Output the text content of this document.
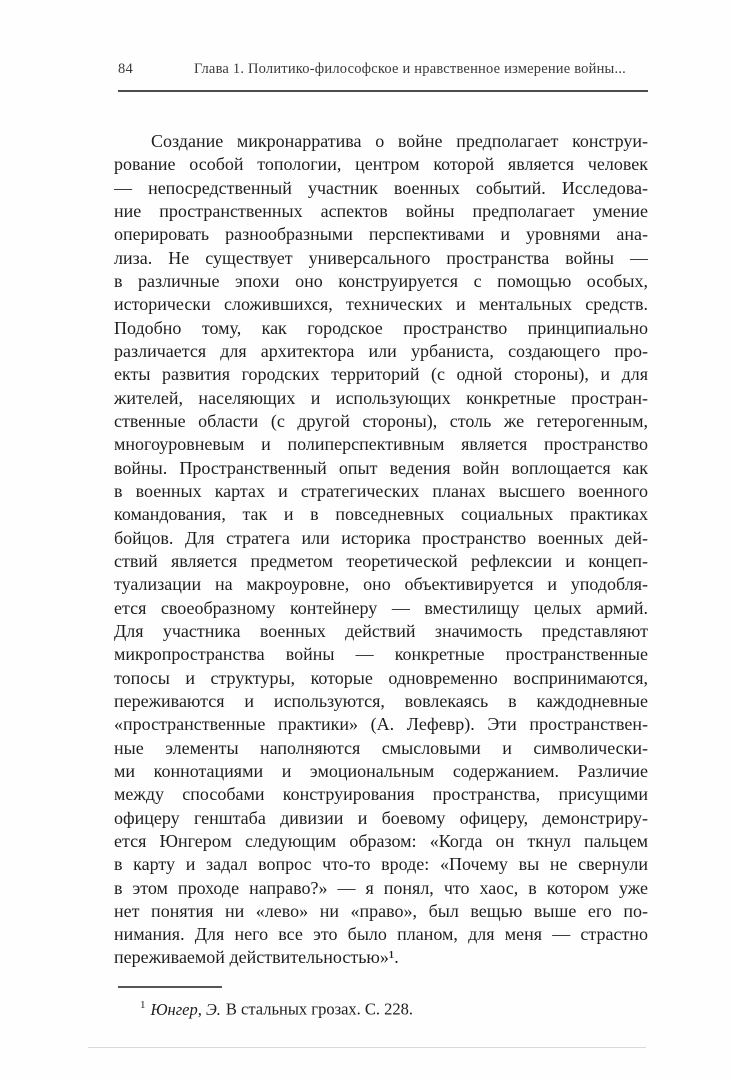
84	Глава 1. Политико-философское и нравственное измерение войны...
Создание микронарратива о войне предполагает конструи-
рование особой топологии, центром которой является человек
— непосредственный участник военных событий. Исследова-
ние пространственных аспектов войны предполагает умение
оперировать разнообразными перспективами и уровнями ана-
лиза. Не существует универсального пространства войны —
в различные эпохи оно конструируется с помощью особых,
исторически сложившихся, технических и ментальных средств.
Подобно тому, как городское пространство принципиально
различается для архитектора или урбаниста, создающего про-
екты развития городских территорий (с одной стороны), и для
жителей, населяющих и использующих конкретные простран-
ственные области (с другой стороны), столь же гетерогенным,
многоуровневым и полиперспективным является пространство
войны. Пространственный опыт ведения войн воплощается как
в военных картах и стратегических планах высшего военного
командования, так и в повседневных социальных практиках
бойцов. Для стратега или историка пространство военных дей-
ствий является предметом теоретической рефлексии и концеп-
туализации на макроуровне, оно объективируется и уподобля-
ется своеобразному контейнеру — вместилищу целых армий.
Для участника военных действий значимость представляют
микропространства войны — конкретные пространственные
топосы и структуры, которые одновременно воспринимаются,
переживаются и используются, вовлекаясь в каждодневные
«пространственные практики» (А. Лефевр). Эти пространствен-
ные элементы наполняются смысловыми и символически-
ми коннотациями и эмоциональным содержанием. Различие
между способами конструирования пространства, присущими
офицеру генштаба дивизии и боевому офицеру, демонстриру-
ется Юнгером следующим образом: «Когда он ткнул пальцем
в карту и задал вопрос что-то вроде: «Почему вы не свернули
в этом проходе направо?» — я понял, что хаос, в котором уже
нет понятия ни «лево» ни «право», был вещью выше его по-
нимания. Для него все это было планом, для меня — страстно
переживаемой действительностью»¹.
$^1$ Юнгер, Э. В стальных грозах. С. 228.
